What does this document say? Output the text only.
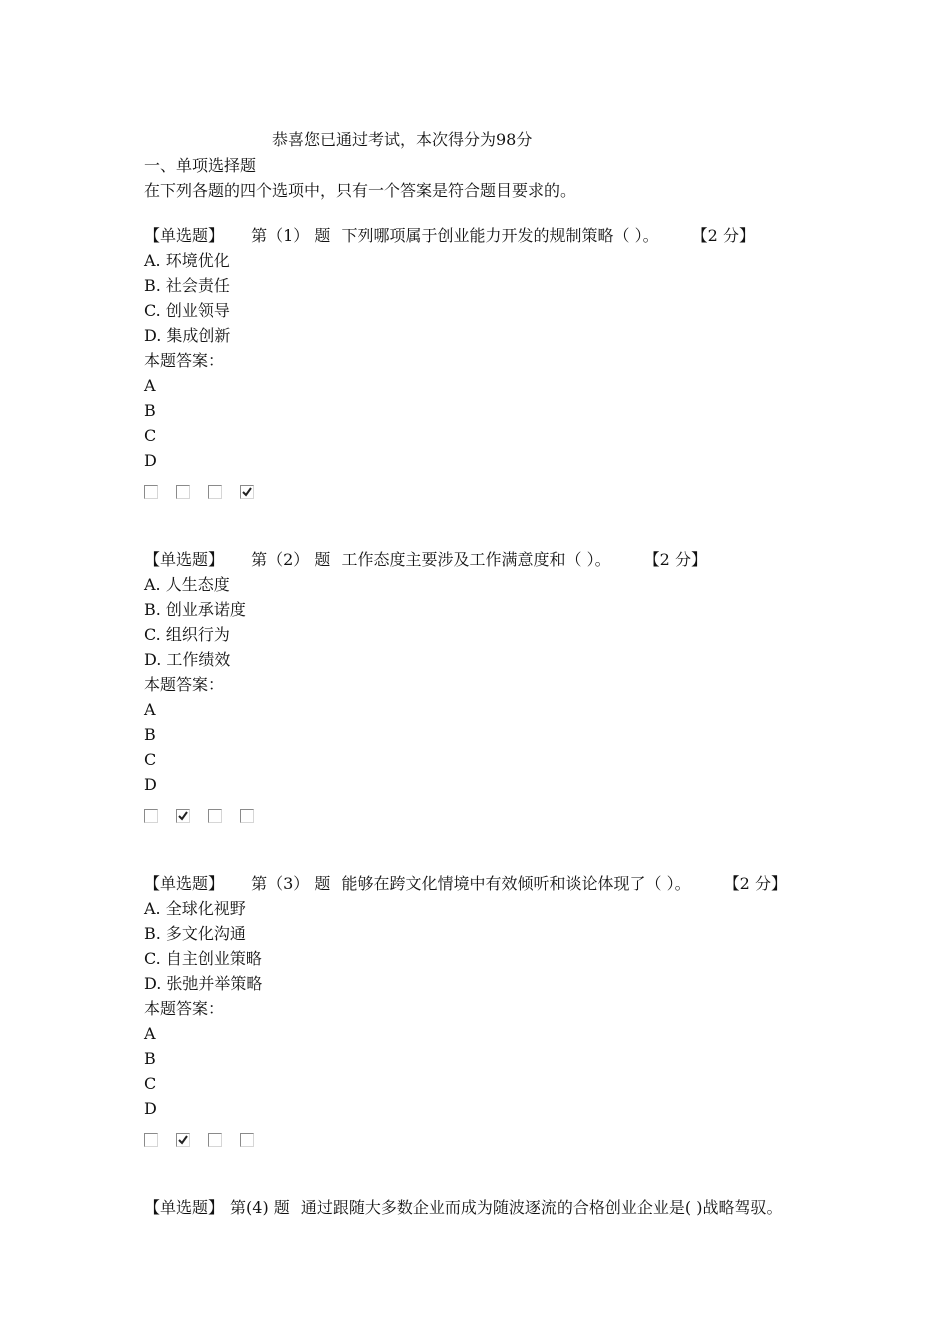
恭喜您已通过考试，本次得分为98分
一、单项选择题
在下列各题的四个选项中，只有一个答案是符合题目要求的。
【单选题】 第（1） 题 下列哪项属于创业能力开发的规制策略（ ）。 【2 分】
A. 环境优化
B. 社会责任
C. 创业领导
D. 集成创新
本题答案：
A
B
C
D
【单选题】 第（2） 题 工作态度主要涉及工作满意度和（ ）。 【2 分】
A. 人生态度
B. 创业承诺度
C. 组织行为
D. 工作绩效
本题答案：
A
B
C
D
【单选题】 第（3） 题 能够在跨文化情境中有效倾听和谈论体现了（ ）。 【2 分】
A. 全球化视野
B. 多文化沟通
C. 自主创业策略
D. 张弛并举策略
本题答案：
A
B
C
D
【单选题】 第(4) 题 通过跟随大多数企业而成为随波逐流的合格创业企业是( )战略驾驭。
